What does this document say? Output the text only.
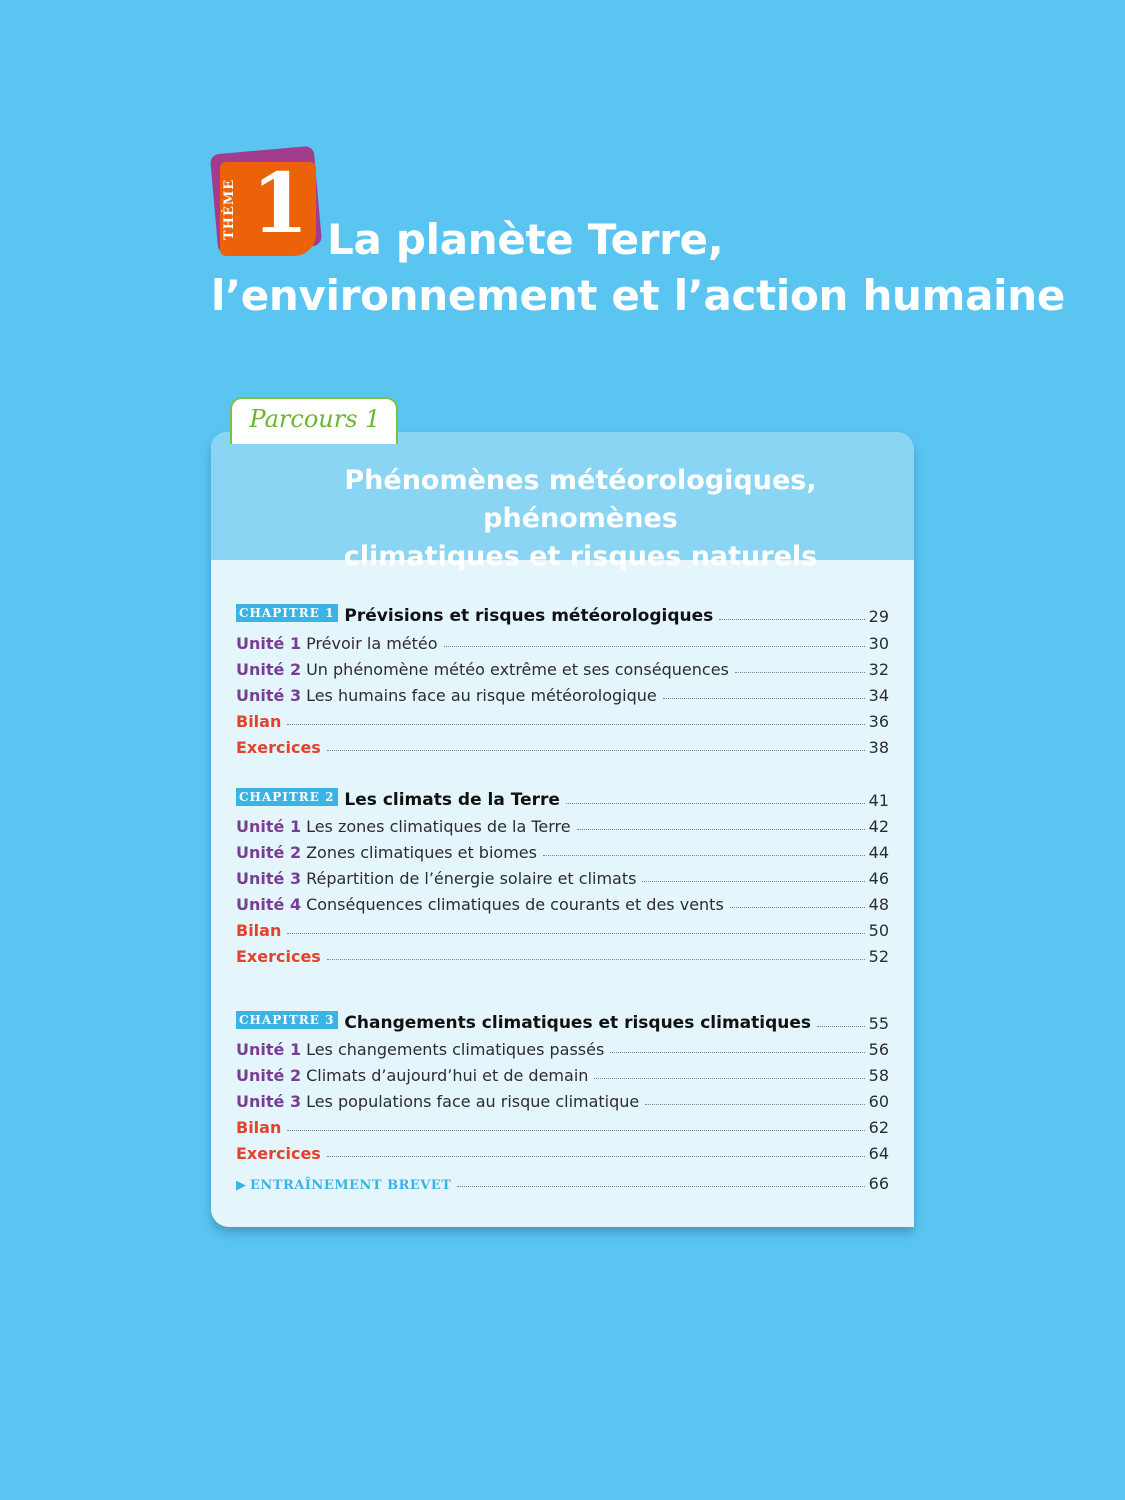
THÈME 1 La planète Terre,
l’environnement et l’action humaine
Phénomènes météorologiques, phénomènes
climatiques et risques naturels
Parcours 1
CHAPITRE 1 Prévisions et risques météorologiques	29
Unité 1 Prévoir la météo	30
Unité 2 Un phénomène météo extrême et ses conséquences	32
Unité 3 Les humains face au risque météorologique	34
Bilan	36
Exercices	38
CHAPITRE 2 Les climats de la Terre	41
Unité 1 Les zones climatiques de la Terre	42
Unité 2 Zones climatiques et biomes	44
Unité 3 Répartition de l’énergie solaire et climats	46
Unité 4 Conséquences climatiques de courants et des vents	48
Bilan	50
Exercices	52
CHAPITRE 3 Changements climatiques et risques climatiques	55
Unité 1 Les changements climatiques passés	56
Unité 2 Climats d’aujourd’hui et de demain	58
Unité 3 Les populations face au risque climatique	60
Bilan	62
Exercices	64
▶ ENTRAÎNEMENT BREVET	66
